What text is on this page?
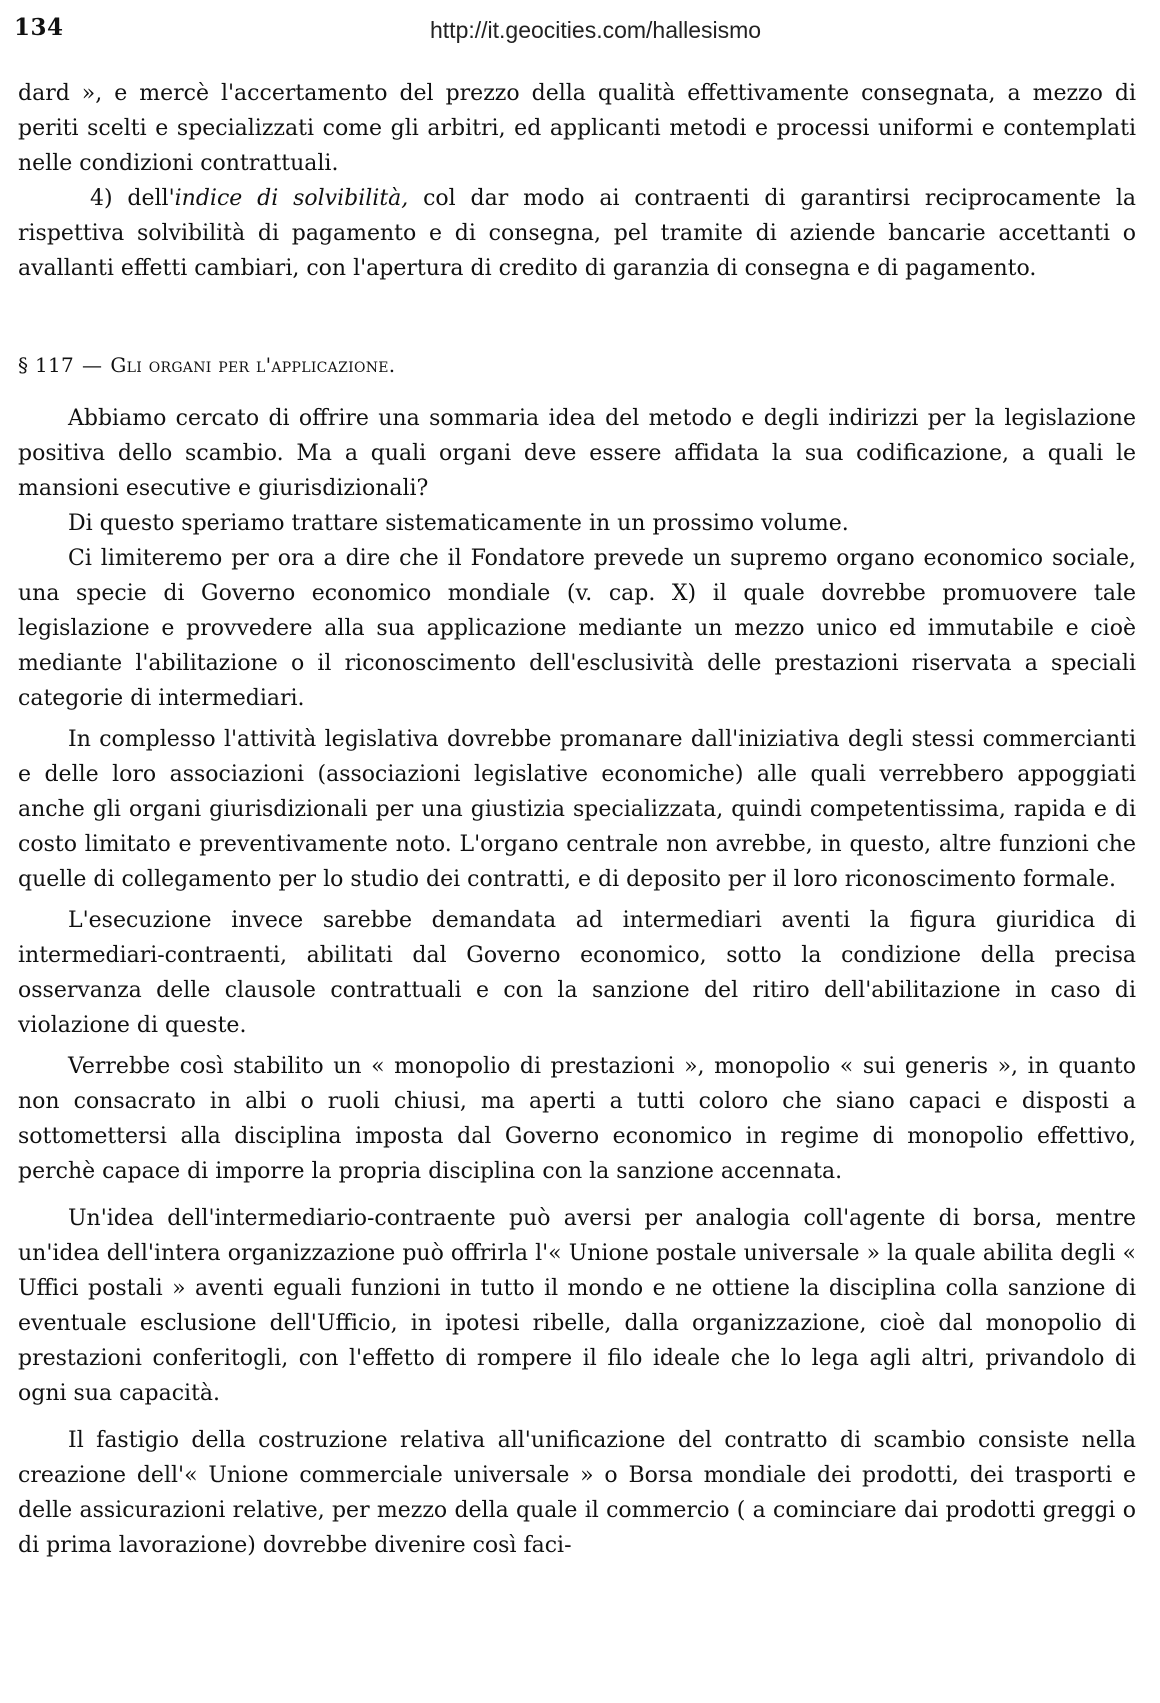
134	http://it.geocities.com/hallesismo

dard », e mercè l'accertamento del prezzo della qualità effettivamente consegnata, a mezzo di periti scelti e specializzati come gli arbitri, ed applicanti metodi e processi uniformi e contemplati nelle condizioni contrattuali.

4) dell'indice di solvibilità, col dar modo ai contraenti di garantirsi reciprocamente la rispettiva solvibilità di pagamento e di consegna, pel tramite di aziende bancarie accettanti o avallanti effetti cambiari, con l'apertura di credito di garanzia di consegna e di pagamento.

§ 117 — Gli organi per l'applicazione.

Abbiamo cercato di offrire una sommaria idea del metodo e degli indirizzi per la legislazione positiva dello scambio. Ma a quali organi deve essere affidata la sua codificazione, a quali le mansioni esecutive e giurisdizionali?

Di questo speriamo trattare sistematicamente in un prossimo volume.

Ci limiteremo per ora a dire che il Fondatore prevede un supremo organo economico sociale, una specie di Governo economico mondiale (v. cap. X) il quale dovrebbe promuovere tale legislazione e provvedere alla sua applicazione mediante un mezzo unico ed immutabile e cioè mediante l'abilitazione o il riconoscimento dell'esclusività delle prestazioni riservata a speciali categorie di intermediari.

In complesso l'attività legislativa dovrebbe promanare dall'iniziativa degli stessi commercianti e delle loro associazioni (associazioni legislative economiche) alle quali verrebbero appoggiati anche gli organi giurisdizionali per una giustizia specializzata, quindi competentissima, rapida e di costo limitato e preventivamente noto. L'organo centrale non avrebbe, in questo, altre funzioni che quelle di collegamento per lo studio dei contratti, e di deposito per il loro riconoscimento formale.

L'esecuzione invece sarebbe demandata ad intermediari aventi la figura giuridica di intermediari-contraenti, abilitati dal Governo economico, sotto la condizione della precisa osservanza delle clausole contrattuali e con la sanzione del ritiro dell'abilitazione in caso di violazione di queste.

Verrebbe così stabilito un « monopolio di prestazioni », monopolio « sui generis », in quanto non consacrato in albi o ruoli chiusi, ma aperti a tutti coloro che siano capaci e disposti a sottomettersi alla disciplina imposta dal Governo economico in regime di monopolio effettivo, perchè capace di imporre la propria disciplina con la sanzione accennata.

Un'idea dell'intermediario-contraente può aversi per analogia coll'agente di borsa, mentre un'idea dell'intera organizzazione può offrirla l'« Unione postale universale » la quale abilita degli « Uffici postali » aventi eguali funzioni in tutto il mondo e ne ottiene la disciplina colla sanzione di eventuale esclusione dell'Ufficio, in ipotesi ribelle, dalla organizzazione, cioè dal monopolio di prestazioni conferitogli, con l'effetto di rompere il filo ideale che lo lega agli altri, privandolo di ogni sua capacità.

Il fastigio della costruzione relativa all'unificazione del contratto di scambio consiste nella creazione dell'« Unione commerciale universale » o Borsa mondiale dei prodotti, dei trasporti e delle assicurazioni relative, per mezzo della quale il commercio ( a cominciare dai prodotti greggi o di prima lavorazione) dovrebbe divenire così faci-
